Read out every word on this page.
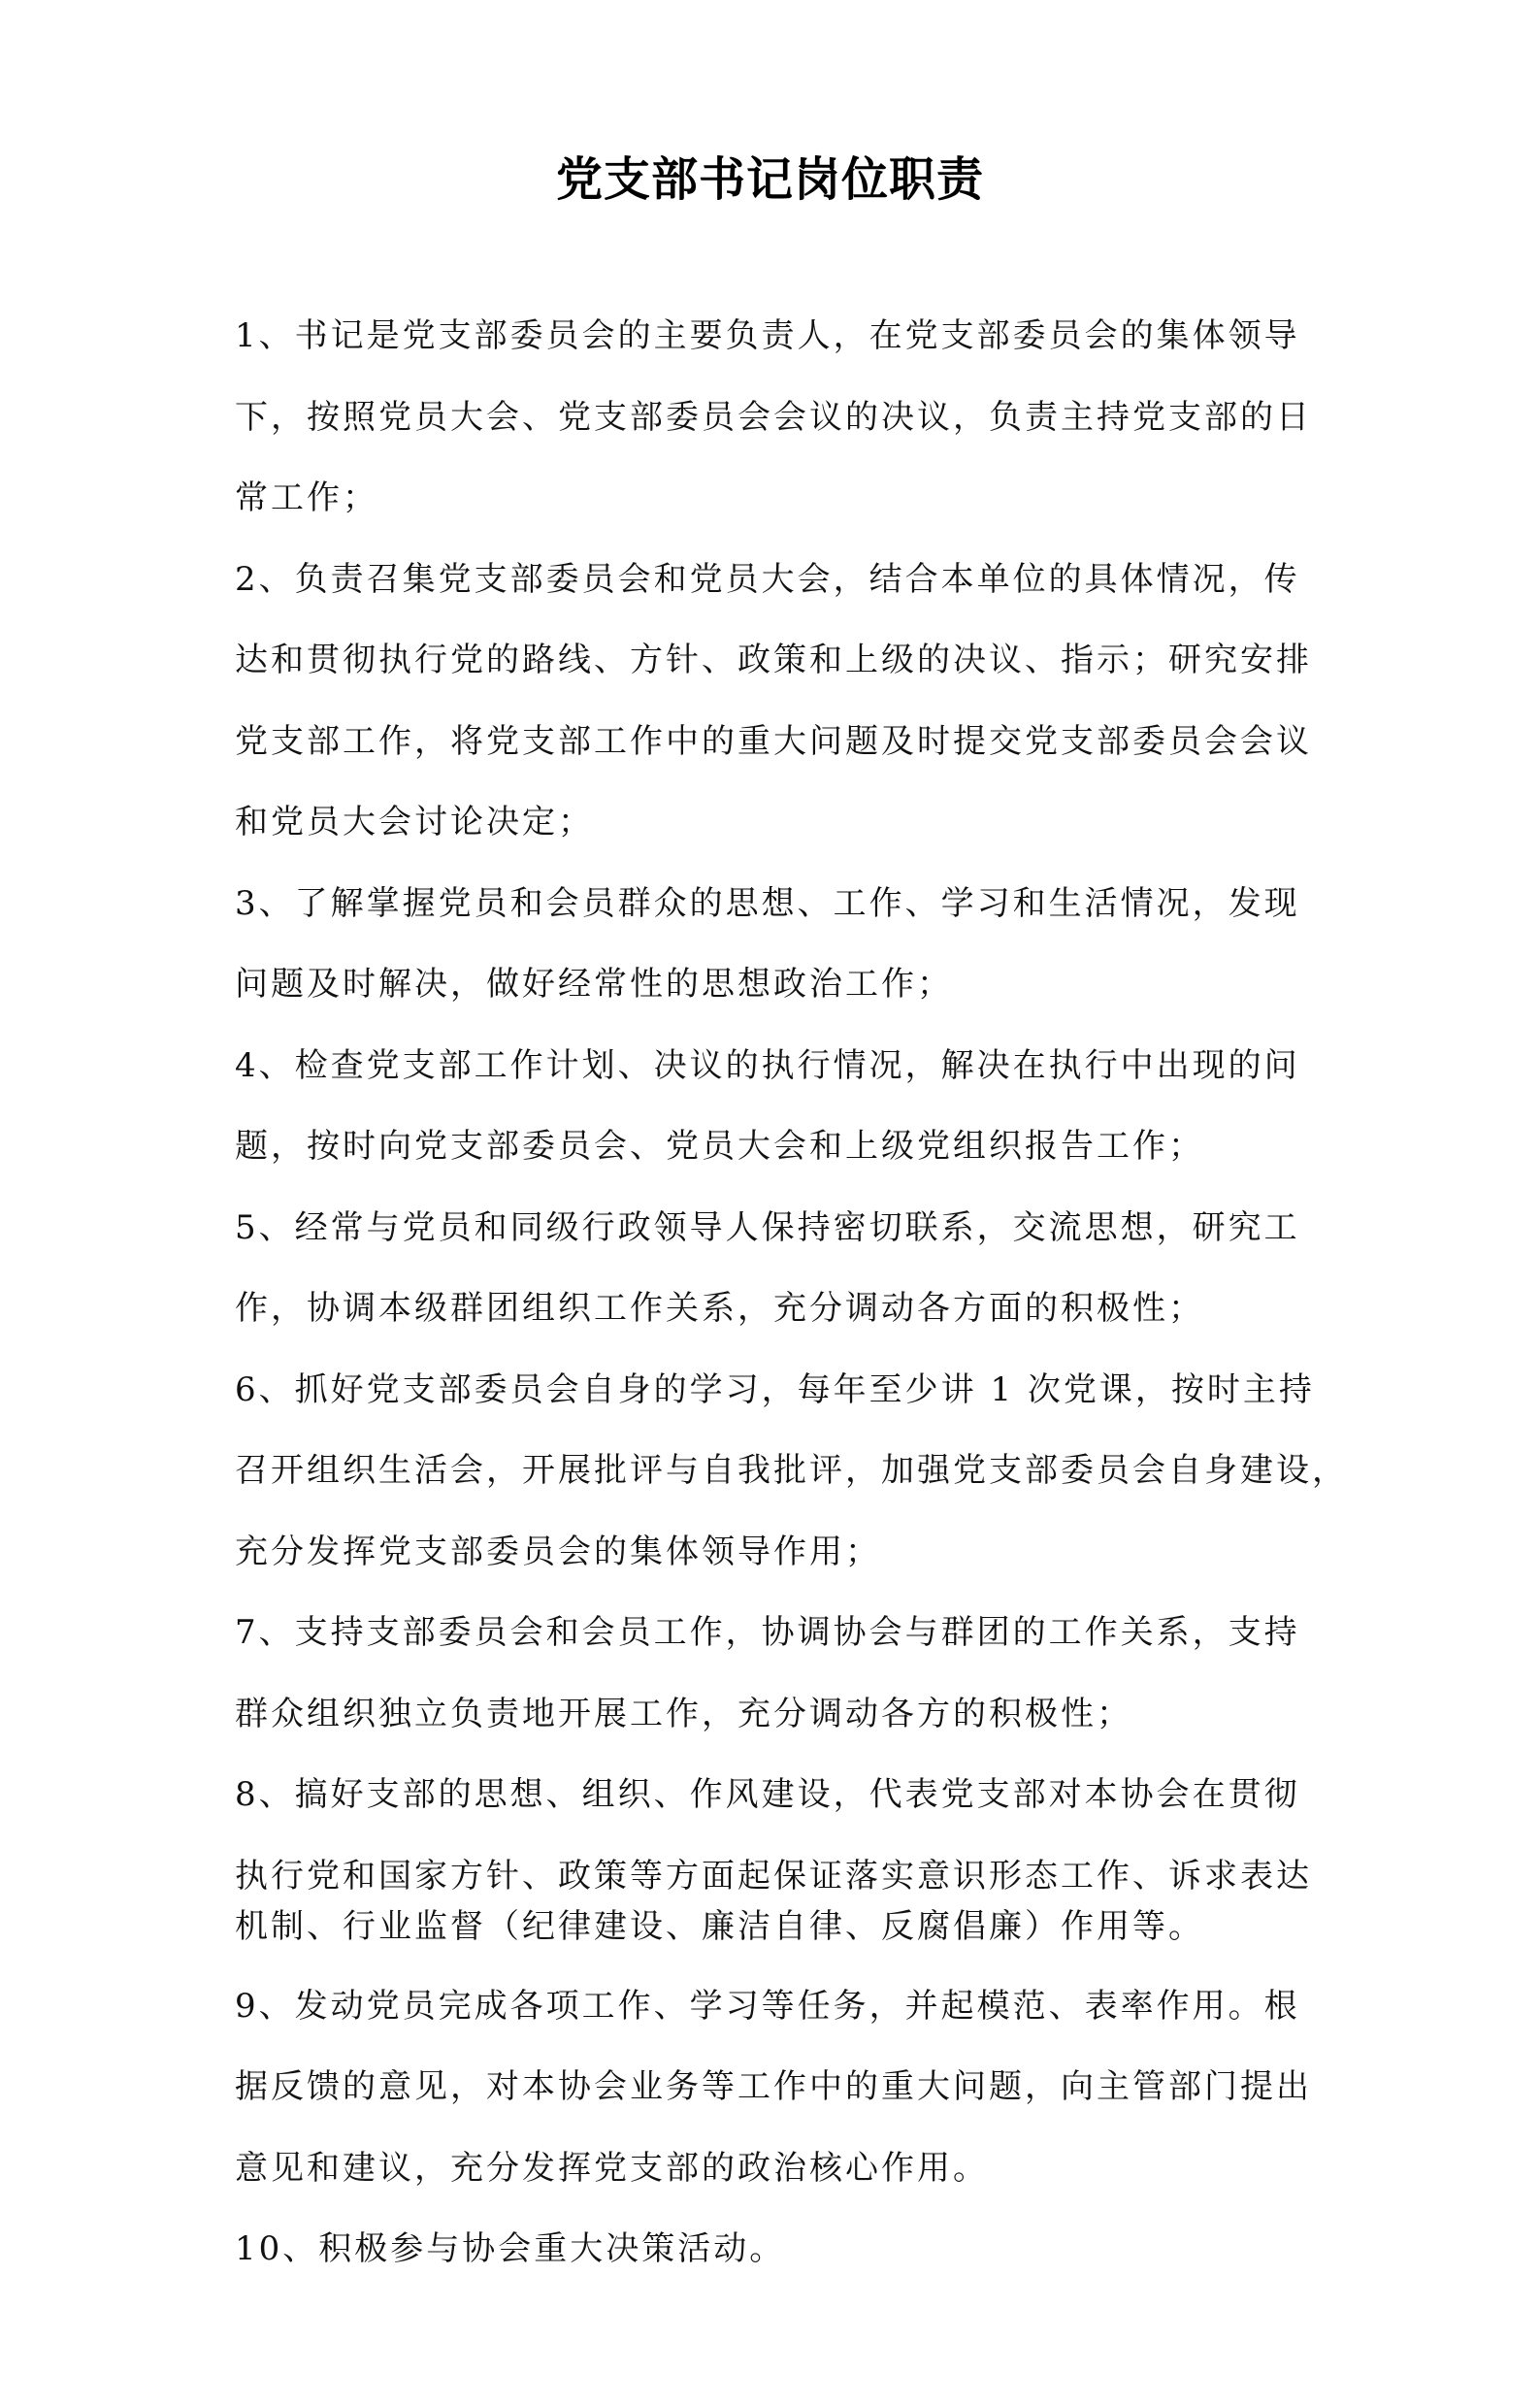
党支部书记岗位职责

1、书记是党支部委员会的主要负责人，在党支部委员会的集体领导
下，按照党员大会、党支部委员会会议的决议，负责主持党支部的日
常工作；

2、负责召集党支部委员会和党员大会，结合本单位的具体情况，传
达和贯彻执行党的路线、方针、政策和上级的决议、指示；研究安排
党支部工作，将党支部工作中的重大问题及时提交党支部委员会会议
和党员大会讨论决定；

3、了解掌握党员和会员群众的思想、工作、学习和生活情况，发现
问题及时解决，做好经常性的思想政治工作；

4、检查党支部工作计划、决议的执行情况，解决在执行中出现的问
题，按时向党支部委员会、党员大会和上级党组织报告工作；

5、经常与党员和同级行政领导人保持密切联系，交流思想，研究工
作，协调本级群团组织工作关系，充分调动各方面的积极性；

6、抓好党支部委员会自身的学习，每年至少讲 1 次党课，按时主持
召开组织生活会，开展批评与自我批评，加强党支部委员会自身建设，
充分发挥党支部委员会的集体领导作用；

7、支持支部委员会和会员工作，协调协会与群团的工作关系，支持
群众组织独立负责地开展工作，充分调动各方的积极性；

8、搞好支部的思想、组织、作风建设，代表党支部对本协会在贯彻
执行党和国家方针、政策等方面起保证落实意识形态工作、诉求表达
机制、行业监督（纪律建设、廉洁自律、反腐倡廉）作用等。

9、发动党员完成各项工作、学习等任务，并起模范、表率作用。根
据反馈的意见，对本协会业务等工作中的重大问题，向主管部门提出
意见和建议，充分发挥党支部的政治核心作用。

10、积极参与协会重大决策活动。
